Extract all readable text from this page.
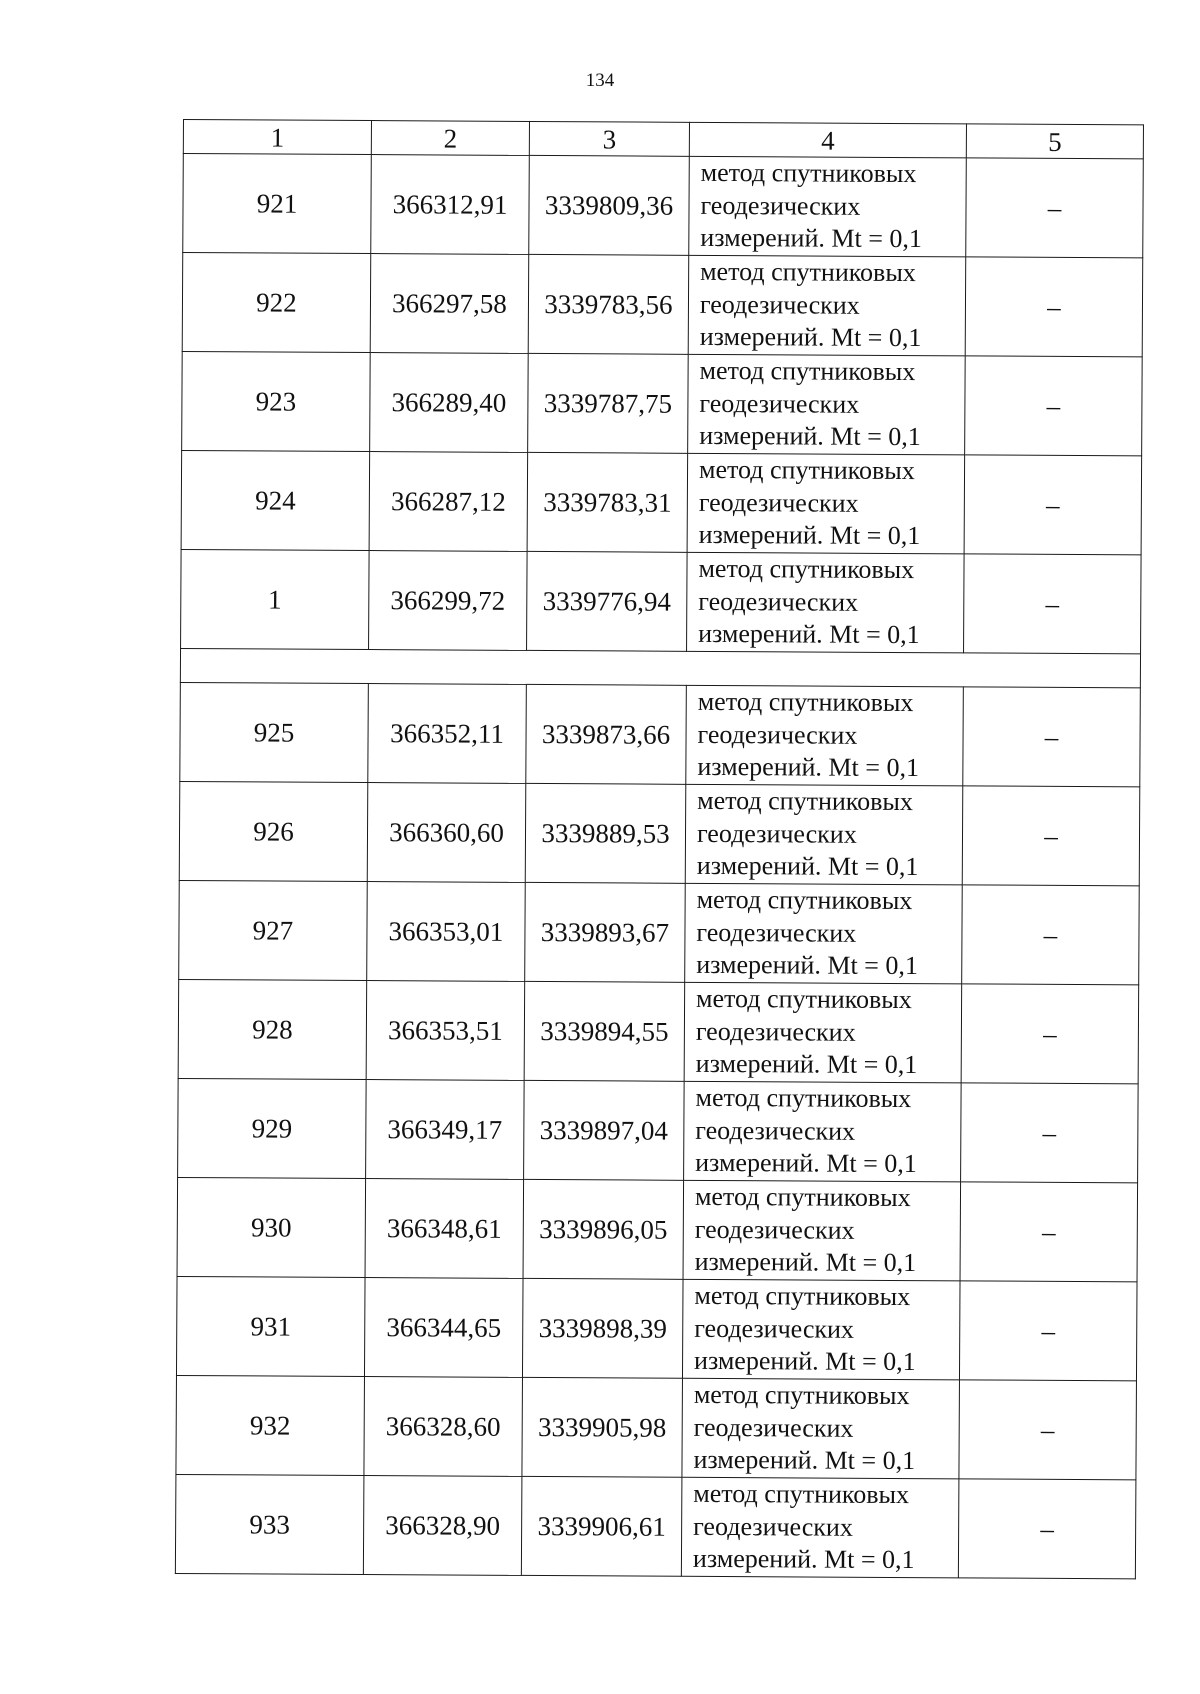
134
1	2	3	4	5
921	366312,91	3339809,36	метод спутниковых
геодезических
измерений. Mt = 0,1	–
922	366297,58	3339783,56	метод спутниковых
геодезических
измерений. Mt = 0,1	–
923	366289,40	3339787,75	метод спутниковых
геодезических
измерений. Mt = 0,1	–
924	366287,12	3339783,31	метод спутниковых
геодезических
измерений. Mt = 0,1	–
1	366299,72	3339776,94	метод спутниковых
геодезических
измерений. Mt = 0,1	–

925	366352,11	3339873,66	метод спутниковых
геодезических
измерений. Mt = 0,1	–
926	366360,60	3339889,53	метод спутниковых
геодезических
измерений. Mt = 0,1	–
927	366353,01	3339893,67	метод спутниковых
геодезических
измерений. Mt = 0,1	–
928	366353,51	3339894,55	метод спутниковых
геодезических
измерений. Mt = 0,1	–
929	366349,17	3339897,04	метод спутниковых
геодезических
измерений. Mt = 0,1	–
930	366348,61	3339896,05	метод спутниковых
геодезических
измерений. Mt = 0,1	–
931	366344,65	3339898,39	метод спутниковых
геодезических
измерений. Mt = 0,1	–
932	366328,60	3339905,98	метод спутниковых
геодезических
измерений. Mt = 0,1	–
933	366328,90	3339906,61	метод спутниковых
геодезических
измерений. Mt = 0,1	–
